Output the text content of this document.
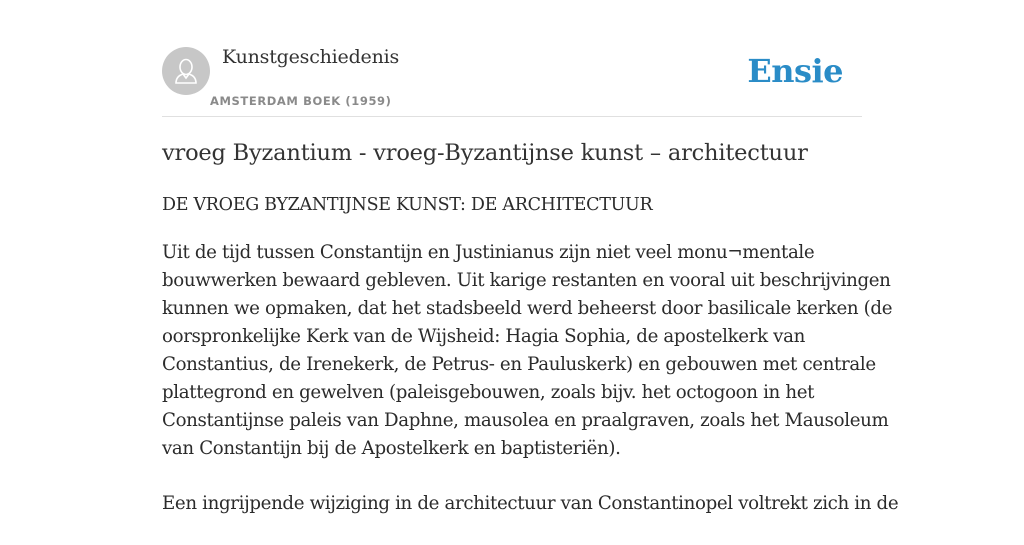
Kunstgeschiedenis
AMSTERDAM BOEK (1959)
Ensie
vroeg Byzantium - vroeg-Byzantijnse kunst – architectuur
DE VROEG BYZANTIJNSE KUNST: DE ARCHITECTUUR

Uit de tijd tussen Constantijn en Justinianus zijn niet veel monu¬mentale
bouwwerken bewaard gebleven. Uit karige restanten en vooral uit beschrijvingen
kunnen we opmaken, dat het stadsbeeld werd beheerst door basilicale kerken (de
oorspronkelijke Kerk van de Wijsheid: Hagia Sophia, de apostelkerk van
Constantius, de Irenekerk, de Petrus- en Pauluskerk) en gebouwen met centrale
plattegrond en gewelven (paleisgebouwen, zoals bijv. het octogoon in het
Constantijnse paleis van Daphne, mausolea en praalgraven, zoals het Mausoleum
van Constantijn bij de Apostelkerk en baptisteriën).

Een ingrijpende wijziging in de architectuur van Constantinopel voltrekt zich in de
